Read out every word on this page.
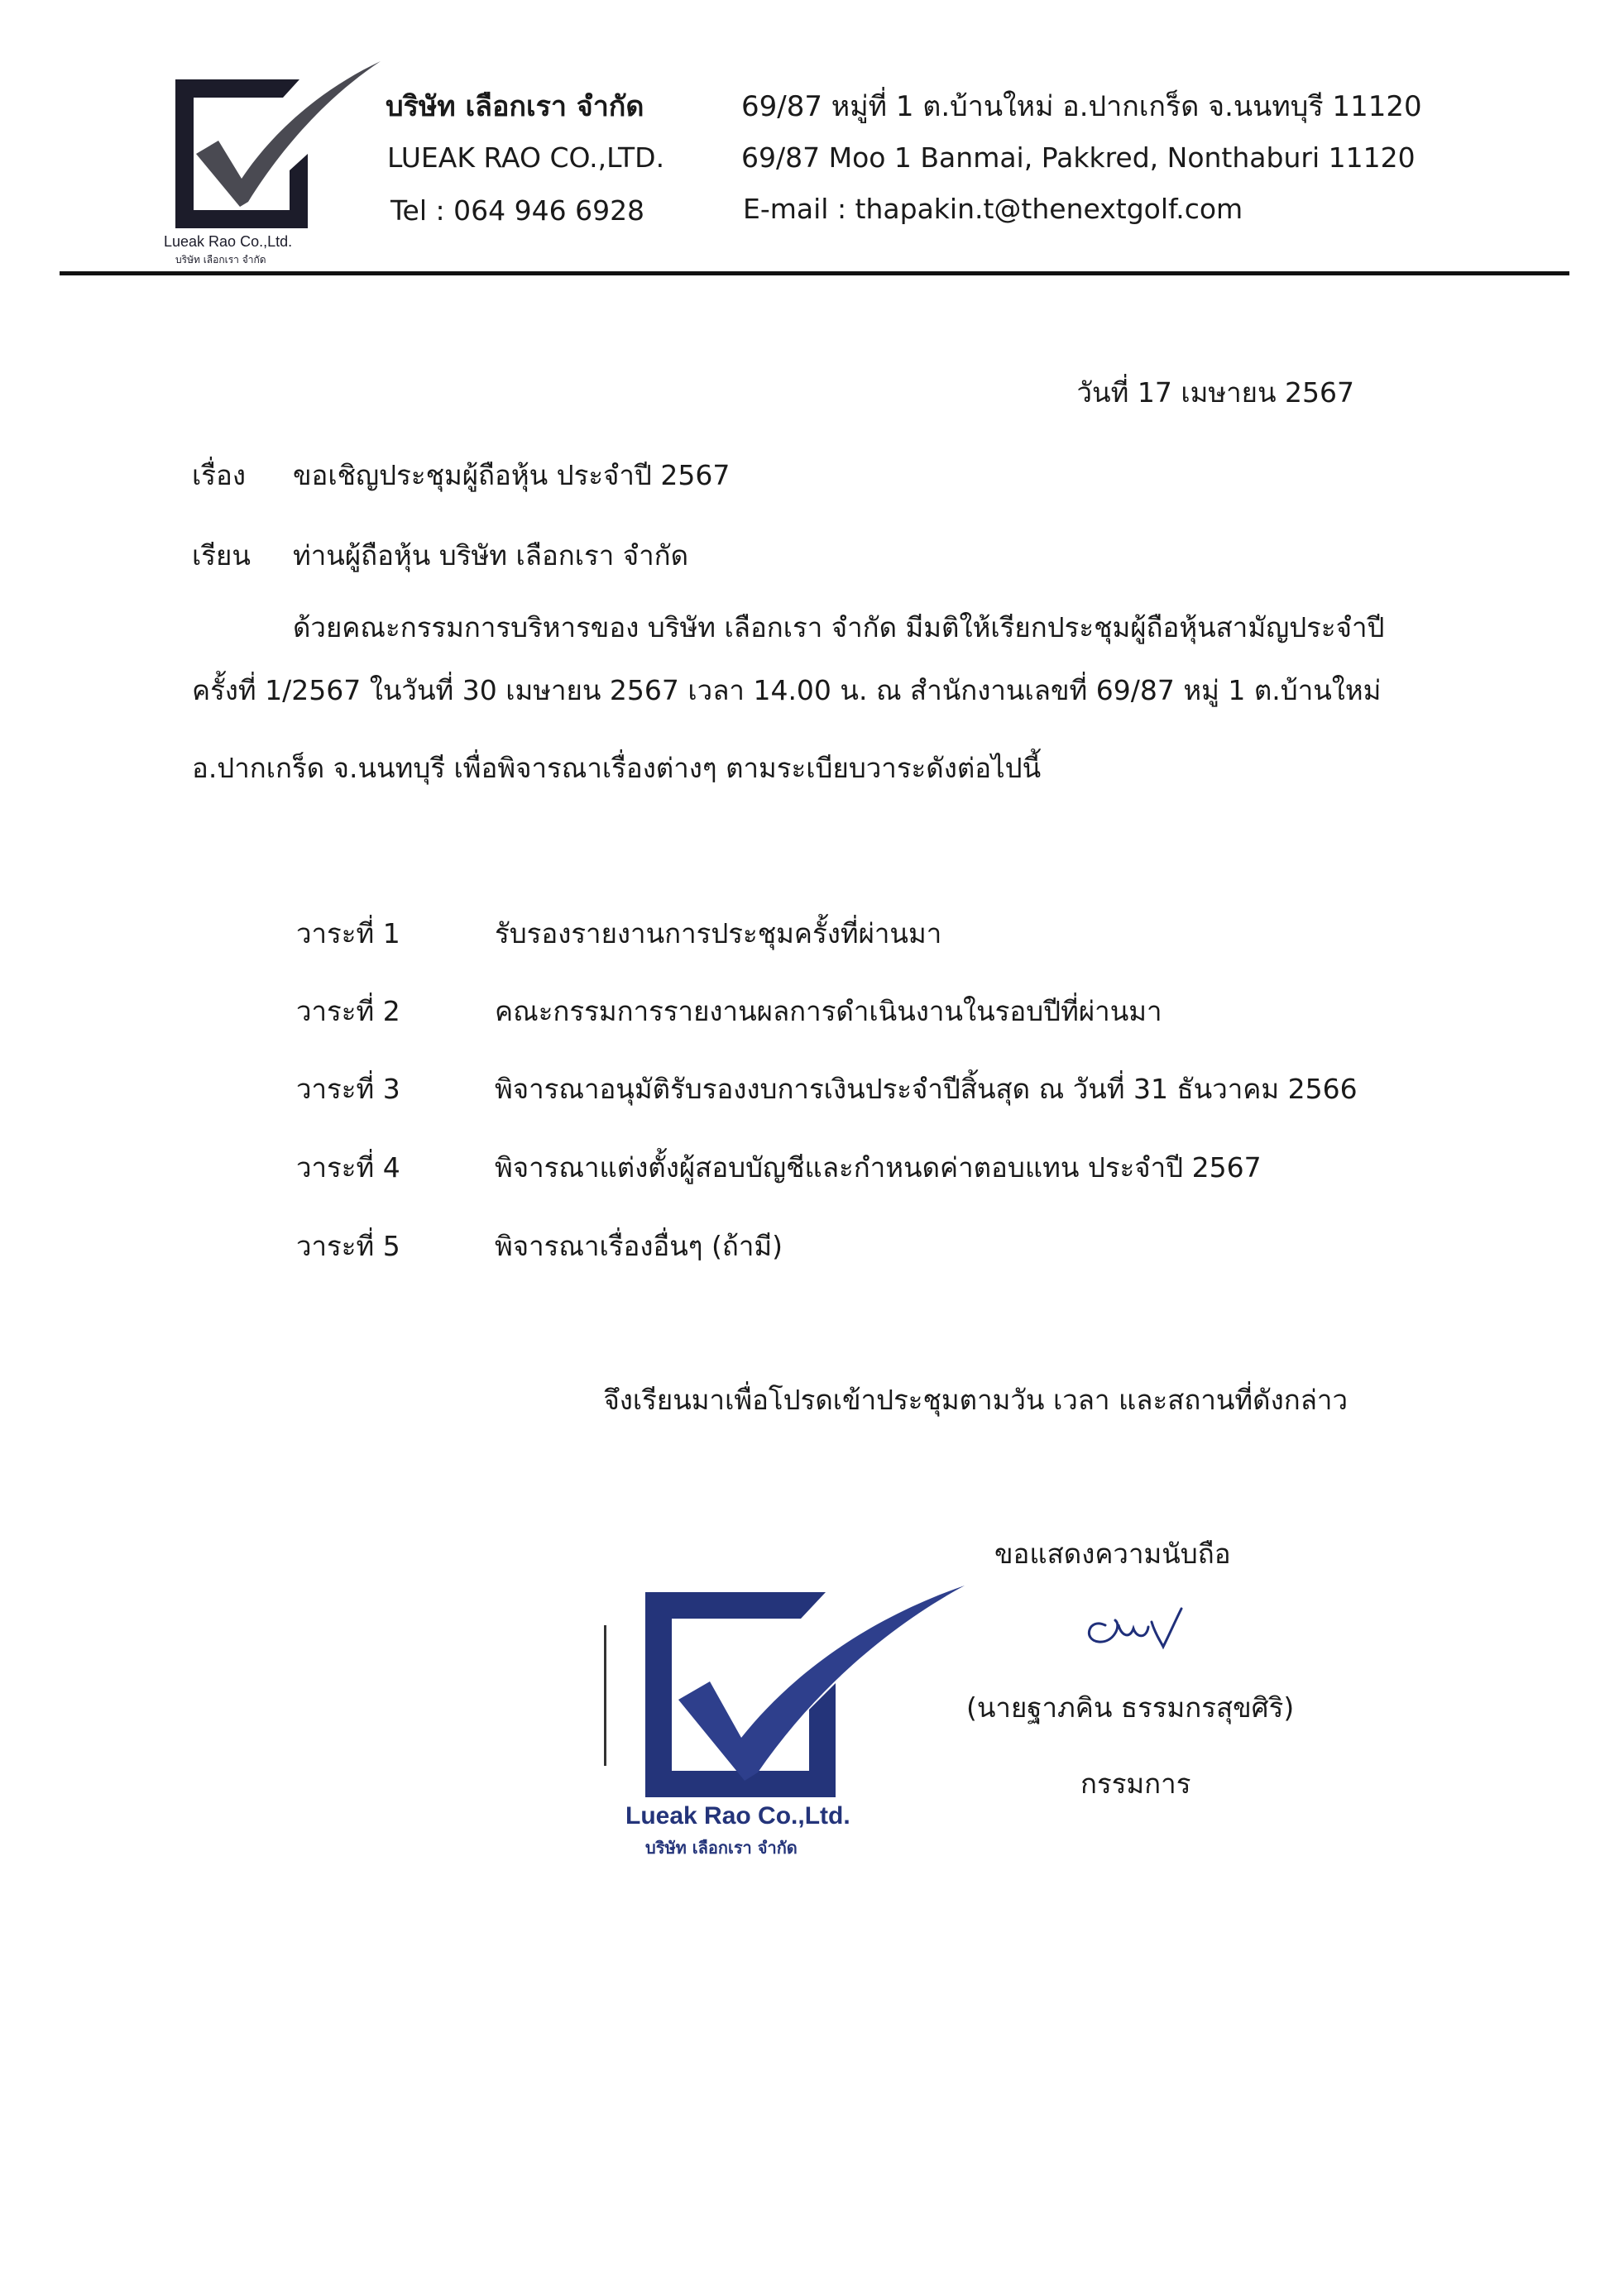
Lueak Rao Co.,Ltd.
บริษัท เลือกเรา จำกัด
บริษัท เลือกเรา จำกัด
LUEAK RAO CO.,LTD.
Tel : 064 946 6928
69/87 หมู่ที่ 1 ต.บ้านใหม่ อ.ปากเกร็ด จ.นนทบุรี 11120
69/87 Moo 1 Banmai, Pakkred, Nonthaburi 11120
E-mail : thapakin.t@thenextgolf.com
วันที่ 17 เมษายน 2567
เรื่อง ขอเชิญประชุมผู้ถือหุ้น ประจำปี 2567
เรียน ท่านผู้ถือหุ้น บริษัท เลือกเรา จำกัด
ด้วยคณะกรรมการบริหารของ บริษัท เลือกเรา จำกัด มีมติให้เรียกประชุมผู้ถือหุ้นสามัญประจำปี
ครั้งที่ 1/2567 ในวันที่ 30 เมษายน 2567 เวลา 14.00 น. ณ สำนักงานเลขที่ 69/87 หมู่ 1 ต.บ้านใหม่
อ.ปากเกร็ด จ.นนทบุรี เพื่อพิจารณาเรื่องต่างๆ ตามระเบียบวาระดังต่อไปนี้
วาระที่ 1	รับรองรายงานการประชุมครั้งที่ผ่านมา
วาระที่ 2	คณะกรรมการรายงานผลการดำเนินงานในรอบปีที่ผ่านมา
วาระที่ 3	พิจารณาอนุมัติรับรองงบการเงินประจำปีสิ้นสุด ณ วันที่ 31 ธันวาคม 2566
วาระที่ 4	พิจารณาแต่งตั้งผู้สอบบัญชีและกำหนดค่าตอบแทน ประจำปี 2567
วาระที่ 5	พิจารณาเรื่องอื่นๆ (ถ้ามี)
จึงเรียนมาเพื่อโปรดเข้าประชุมตามวัน เวลา และสถานที่ดังกล่าว
Lueak Rao Co.,Ltd.
บริษัท เลือกเรา จำกัด
ขอแสดงความนับถือ
(นายฐาภคิน ธรรมกรสุขศิริ)
กรรมการ
